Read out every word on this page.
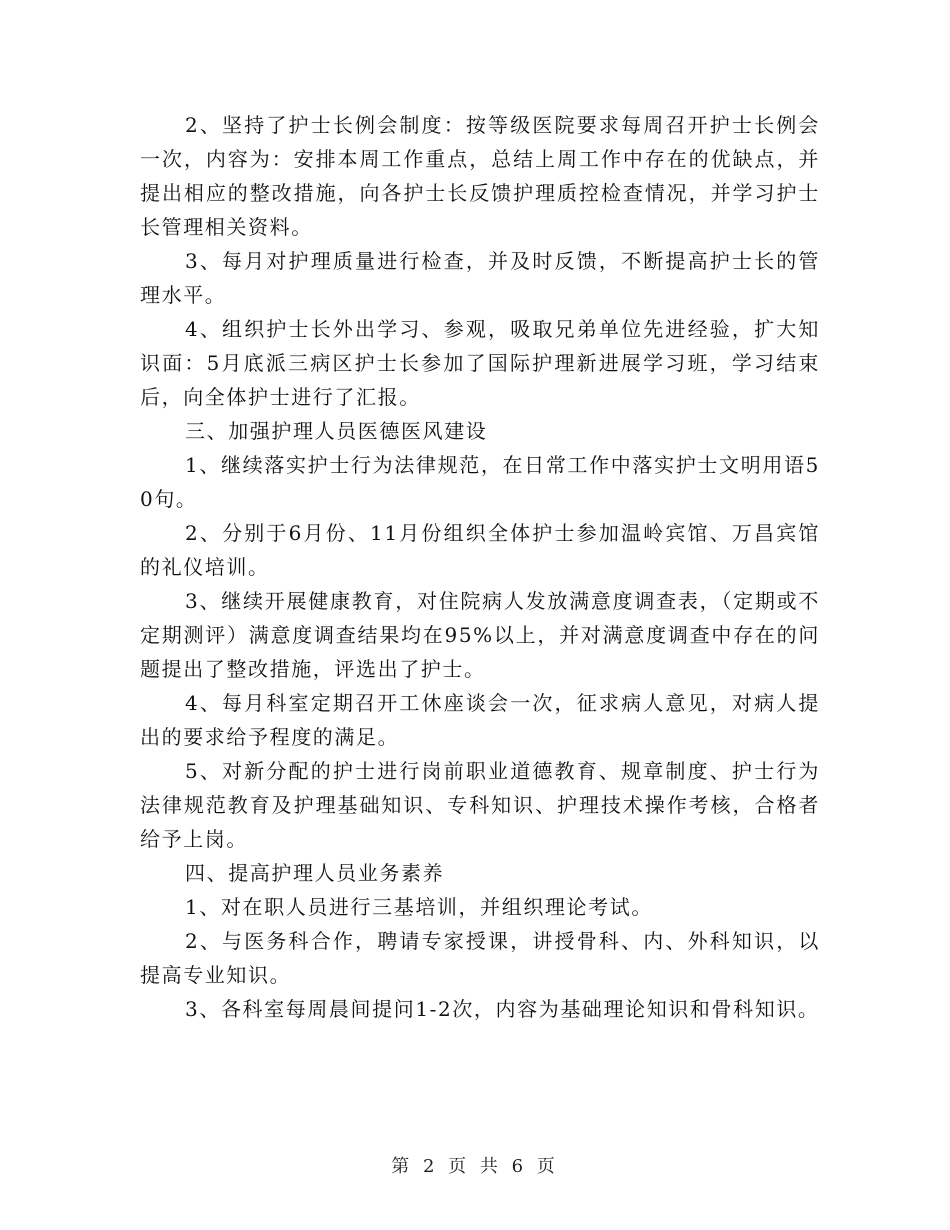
2、坚持了护士长例会制度：按等级医院要求每周召开护士长例会一次，内容为：安排本周工作重点，总结上周工作中存在的优缺点，并提出相应的整改措施，向各护士长反馈护理质控检查情况，并学习护士长管理相关资料。

3、每月对护理质量进行检查，并及时反馈，不断提高护士长的管理水平。

4、组织护士长外出学习、参观，吸取兄弟单位先进经验，扩大知识面：5月底派三病区护士长参加了国际护理新进展学习班，学习结束后，向全体护士进行了汇报。

三、加强护理人员医德医风建设

1、继续落实护士行为法律规范，在日常工作中落实护士文明用语50句。

2、分别于6月份、11月份组织全体护士参加温岭宾馆、万昌宾馆的礼仪培训。

3、继续开展健康教育，对住院病人发放满意度调查表，（定期或不定期测评）满意度调查结果均在95%以上，并对满意度调查中存在的问题提出了整改措施，评选出了护士。

4、每月科室定期召开工休座谈会一次，征求病人意见，对病人提出的要求给予程度的满足。

5、对新分配的护士进行岗前职业道德教育、规章制度、护士行为法律规范教育及护理基础知识、专科知识、护理技术操作考核，合格者给予上岗。

四、提高护理人员业务素养

1、对在职人员进行三基培训，并组织理论考试。

2、与医务科合作，聘请专家授课，讲授骨科、内、外科知识，以提高专业知识。

3、各科室每周晨间提问1-2次，内容为基础理论知识和骨科知识。

第 2 页 共 6 页
